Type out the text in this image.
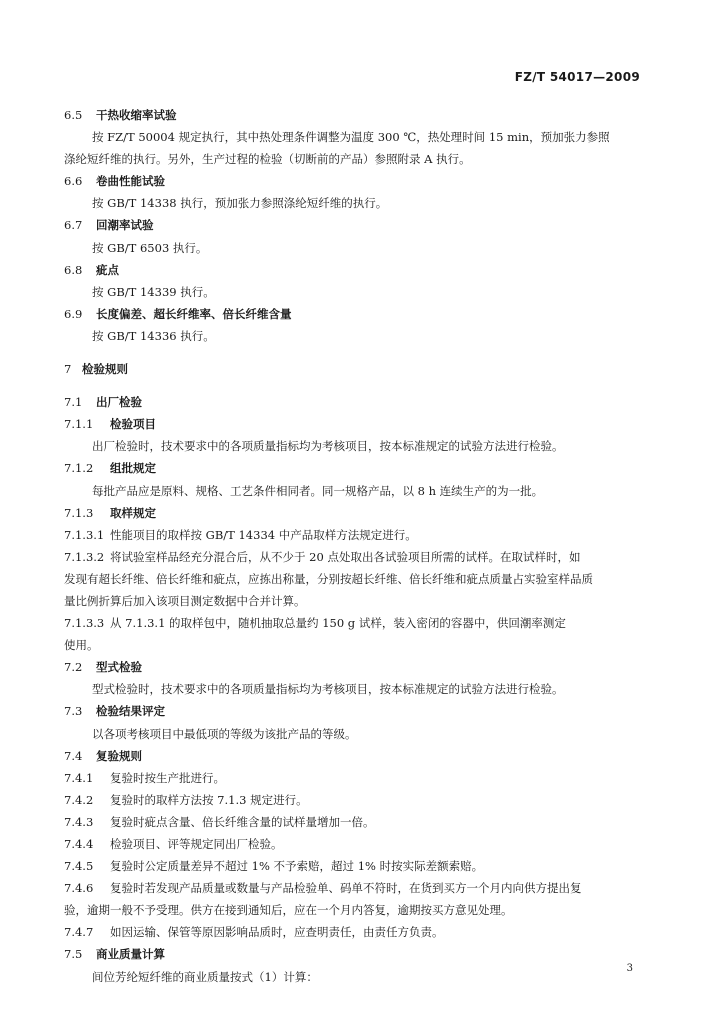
FZ/T 54017—2009
6.5 干热收缩率试验
按 FZ/T 50004 规定执行，其中热处理条件调整为温度 300 ℃，热处理时间 15 min，预加张力参照
涤纶短纤维的执行。另外，生产过程的检验（切断前的产品）参照附录 A 执行。
6.6 卷曲性能试验
按 GB/T 14338 执行，预加张力参照涤纶短纤维的执行。
6.7 回潮率试验
按 GB/T 6503 执行。
6.8 疵点
按 GB/T 14339 执行。
6.9 长度偏差、超长纤维率、倍长纤维含量
按 GB/T 14336 执行。
7 检验规则
7.1 出厂检验
7.1.1 检验项目
出厂检验时，技术要求中的各项质量指标均为考核项目，按本标准规定的试验方法进行检验。
7.1.2 组批规定
每批产品应是原料、规格、工艺条件相同者。同一规格产品，以 8 h 连续生产的为一批。
7.1.3 取样规定
7.1.3.1 性能项目的取样按 GB/T 14334 中产品取样方法规定进行。
7.1.3.2 将试验室样品经充分混合后，从不少于 20 点处取出各试验项目所需的试样。在取试样时，如
发现有超长纤维、倍长纤维和疵点，应拣出称量，分别按超长纤维、倍长纤维和疵点质量占实验室样品质
量比例折算后加入该项目测定数据中合并计算。
7.1.3.3 从 7.1.3.1 的取样包中，随机抽取总量约 150 g 试样，装入密闭的容器中，供回潮率测定
使用。
7.2 型式检验
型式检验时，技术要求中的各项质量指标均为考核项目，按本标准规定的试验方法进行检验。
7.3 检验结果评定
以各项考核项目中最低项的等级为该批产品的等级。
7.4 复验规则
7.4.1 复验时按生产批进行。
7.4.2 复验时的取样方法按 7.1.3 规定进行。
7.4.3 复验时疵点含量、倍长纤维含量的试样量增加一倍。
7.4.4 检验项目、评等规定同出厂检验。
7.4.5 复验时公定质量差异不超过 1% 不予索赔，超过 1% 时按实际差额索赔。
7.4.6 复验时若发现产品质量或数量与产品检验单、码单不符时，在货到买方一个月内向供方提出复
验，逾期一般不予受理。供方在接到通知后，应在一个月内答复，逾期按买方意见处理。
7.4.7 如因运输、保管等原因影响品质时，应查明责任，由责任方负责。
7.5 商业质量计算
间位芳纶短纤维的商业质量按式（1）计算：
3
